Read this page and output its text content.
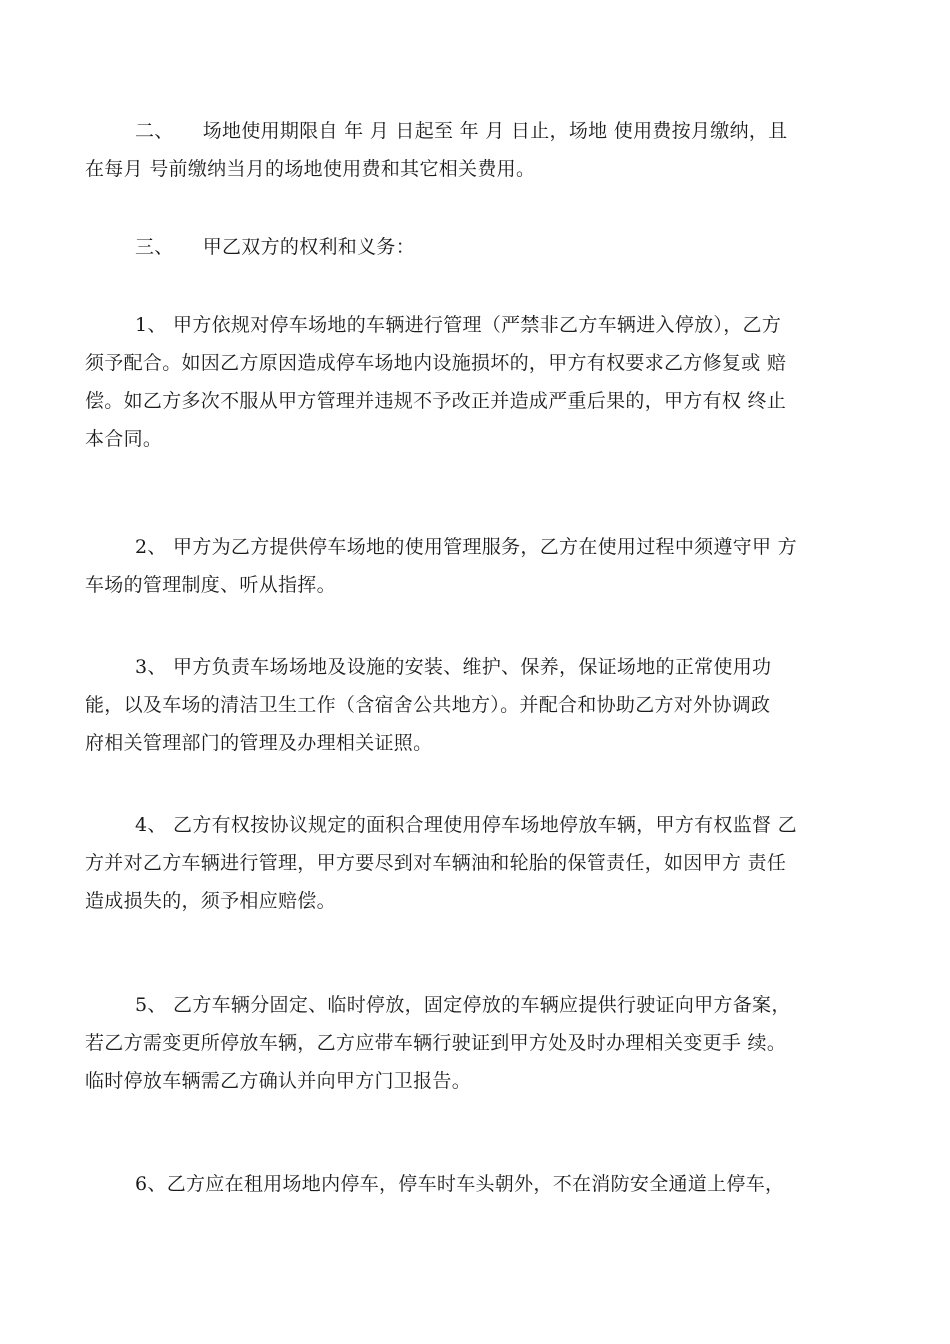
二、　　场地使用期限自 年 月 日起至 年 月 日止，场地 使用费按月缴纳，且
在每月 号前缴纳当月的场地使用费和其它相关费用。

三、　　甲乙双方的权利和义务：

1、 甲方依规对停车场地的车辆进行管理（严禁非乙方车辆进入停放），乙方
须予配合。如因乙方原因造成停车场地内设施损坏的，甲方有权要求乙方修复或 赔
偿。如乙方多次不服从甲方管理并违规不予改正并造成严重后果的，甲方有权 终止
本合同。

2、 甲方为乙方提供停车场地的使用管理服务，乙方在使用过程中须遵守甲 方
车场的管理制度、听从指挥。

3、 甲方负责车场场地及设施的安装、维护、保养，保证场地的正常使用功
能，以及车场的清洁卫生工作（含宿舍公共地方）。并配合和协助乙方对外协调政
府相关管理部门的管理及办理相关证照。

4、 乙方有权按协议规定的面积合理使用停车场地停放车辆，甲方有权监督 乙
方并对乙方车辆进行管理，甲方要尽到对车辆油和轮胎的保管责任，如因甲方 责任
造成损失的，须予相应赔偿。

5、 乙方车辆分固定、临时停放，固定停放的车辆应提供行驶证向甲方备案，
若乙方需变更所停放车辆，乙方应带车辆行驶证到甲方处及时办理相关变更手 续。
临时停放车辆需乙方确认并向甲方门卫报告。

6、乙方应在租用场地内停车，停车时车头朝外，不在消防安全通道上停车，
